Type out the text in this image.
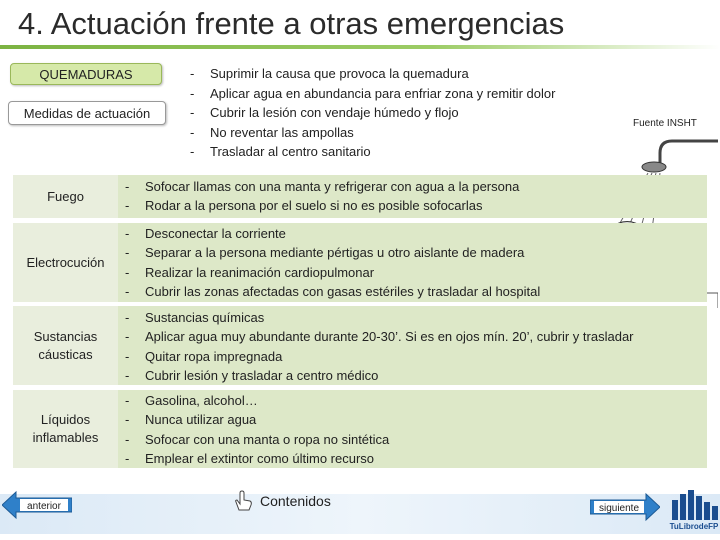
4. Actuación frente a otras emergencias
QUEMADURAS
Medidas de actuación
- Suprimir la causa que provoca la quemadura
- Aplicar agua en abundancia para enfriar zona y remitir dolor
- Cubrir la lesión con vendaje húmedo y flojo
- No reventar las ampollas
- Trasladar al centro sanitario
Fuente INSHT
Fuego
- Sofocar llamas con una manta y refrigerar con agua a la persona
- Rodar a la persona por el suelo si no es posible sofocarlas
Electrocución
- Desconectar la corriente
- Separar a la persona mediante pértigas u otro aislante de madera
- Realizar la reanimación cardiopulmonar
- Cubrir las zonas afectadas con gasas estériles y trasladar al hospital
Sustancias cáusticas
- Sustancias químicas
- Aplicar agua muy abundante durante 20-30’. Si es en ojos mín. 20’, cubrir y trasladar
- Quitar ropa impregnada
- Cubrir lesión y trasladar a centro médico
Líquidos inflamables
- Gasolina, alcohol…
- Nunca utilizar agua
- Sofocar con una manta o ropa no sintética
- Emplear el extintor como último recurso
anterior	Contenidos	siguiente
TuLibrodeFP
